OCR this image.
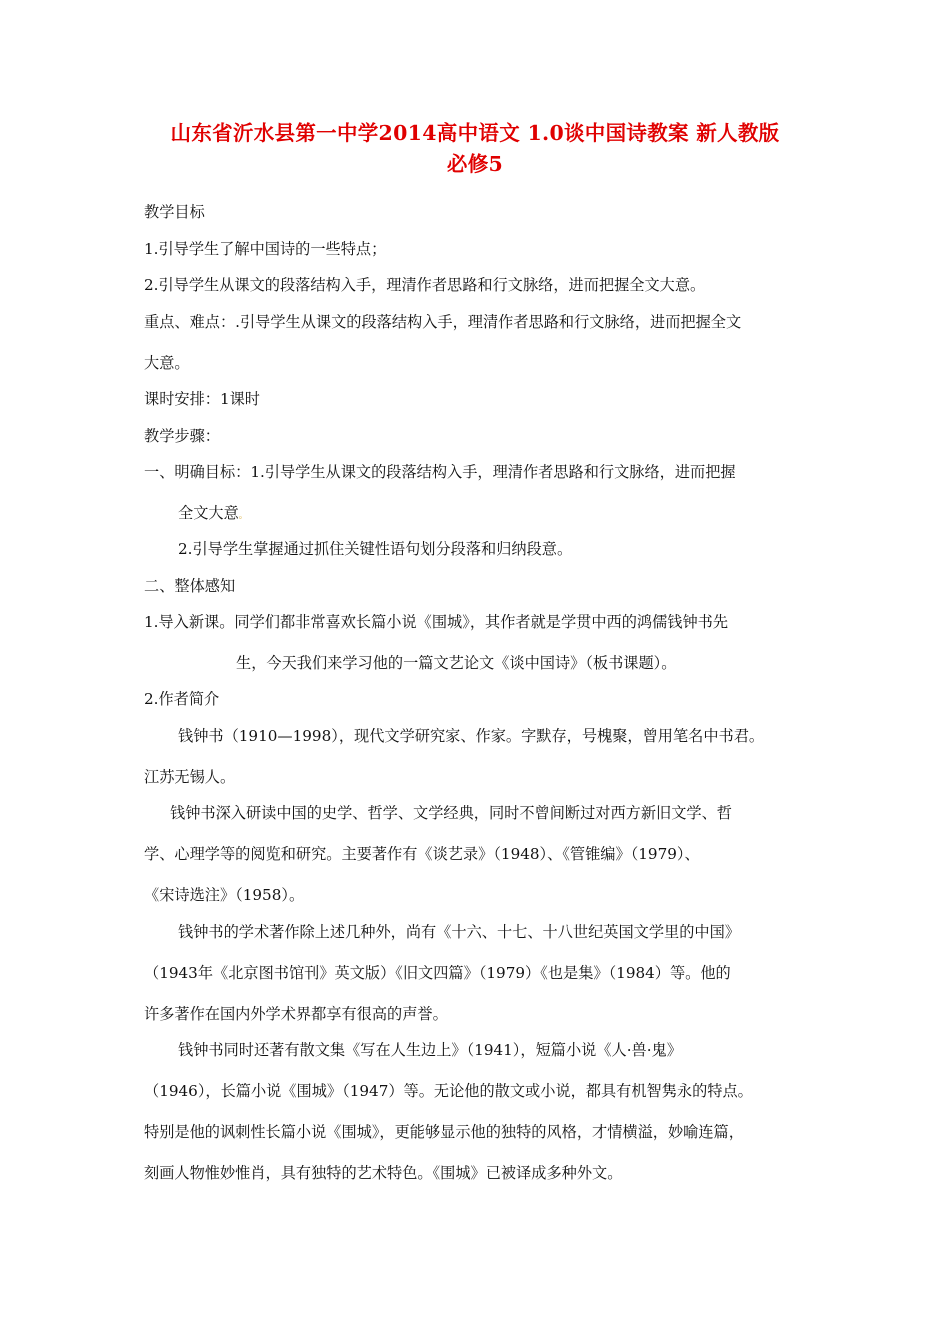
山东省沂水县第一中学2014高中语文 1.0谈中国诗教案 新人教版
必修5
教学目标
1.引导学生了解中国诗的一些特点；
2.引导学生从课文的段落结构入手，理清作者思路和行文脉络，进而把握全文大意。
重点、难点：.引导学生从课文的段落结构入手，理清作者思路和行文脉络，进而把握全文
大意。
课时安排：1课时
教学步骤：
一、明确目标：1.引导学生从课文的段落结构入手，理清作者思路和行文脉络，进而把握
全文大意。
2.引导学生掌握通过抓住关键性语句划分段落和归纳段意。
二、整体感知
1.导入新课。同学们都非常喜欢长篇小说《围城》，其作者就是学贯中西的鸿儒钱钟书先
生，今天我们来学习他的一篇文艺论文《谈中国诗》（板书课题）。
2.作者简介
钱钟书（1910—1998），现代文学研究家、作家。字默存，号槐聚，曾用笔名中书君。
江苏无锡人。
钱钟书深入研读中国的史学、哲学、文学经典，同时不曾间断过对西方新旧文学、哲
学、心理学等的阅览和研究。主要著作有《谈艺录》（1948）、《管锥编》（1979）、
《宋诗选注》（1958）。
钱钟书的学术著作除上述几种外，尚有《十六、十七、十八世纪英国文学里的中国》
（1943年《北京图书馆刊》英文版）《旧文四篇》（1979）《也是集》（1984）等。他的
许多著作在国内外学术界都享有很高的声誉。
钱钟书同时还著有散文集《写在人生边上》（1941），短篇小说《人·兽·鬼》
（1946），长篇小说《围城》（1947）等。无论他的散文或小说，都具有机智隽永的特点。
特别是他的讽刺性长篇小说《围城》，更能够显示他的独特的风格，才情横溢，妙喻连篇，
刻画人物惟妙惟肖，具有独特的艺术特色。《围城》已被译成多种外文。
